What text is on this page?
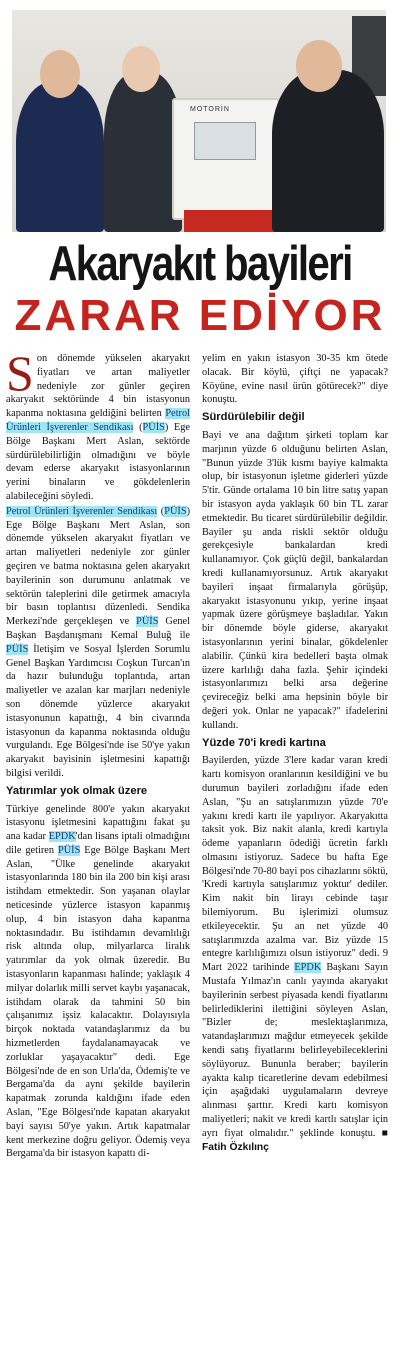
MOTORİN
Akaryakıt bayileri
ZARAR EDİYOR

Son dönemde yükselen akaryakıt fiyatları ve artan maliyetler nedeniyle zor günler geçiren akaryakıt sektöründe 4 bin istasyonun kapanma noktasına geldiğini belirten Petrol Ürünleri İşverenler Sendikası (PÜİS) Ege Bölge Başkanı Mert Aslan, sektörde sürdürülebilirliğin olmadığını ve böyle devam ederse akaryakıt istasyonlarının yerini binaların ve gökdelenlerin alabileceğini söyledi.

Petrol Ürünleri İşverenler Sendikası (PÜİS) Ege Bölge Başkanı Mert Aslan, son dönemde yükselen akaryakıt fiyatları ve artan maliyetleri nedeniyle zor günler geçiren ve batma noktasına gelen akaryakıt bayilerinin son durumunu anlatmak ve sektörün taleplerini dile getirmek amacıyla bir basın toplantısı düzenledi. Sendika Merkezi'nde gerçekleşen ve PÜİS Genel Başkan Başdanışmanı Kemal Buluğ ile PÜİS İletişim ve Sosyal İşlerden Sorumlu Genel Başkan Yardımcısı Coşkun Turcan'ın da hazır bulunduğu toplantıda, artan maliyetler ve azalan kar marjları nedeniyle son dönemde yüzlerce akaryakıt istasyonunun kapattığı, 4 bin civarında istasyonun da kapanma noktasında olduğu vurgulandı. Ege Bölgesi'nde ise 50'ye yakın akaryakıt bayisinin işletmesini kapattığı bilgisi verildi.

Yatırımlar yok olmak üzere

Türkiye genelinde 800'e yakın akaryakıt istasyonu işletmesini kapattığını fakat şu ana kadar EPDK'dan lisans iptali olmadığını dile getiren PÜİS Ege Bölge Başkanı Mert Aslan, "Ülke genelinde akaryakıt istasyonlarında 180 bin ila 200 bin kişi arası istihdam etmektedir. Son yaşanan olaylar neticesinde yüzlerce istasyon kapanmış olup, 4 bin istasyon daha kapanma noktasındadır. Bu istihdamın devamlılığı risk altında olup, milyarlarca liralık yatırımlar da yok olmak üzeredir. Bu istasyonların kapanması halinde; yaklaşık 4 milyar dolarlık milli servet kaybı yaşanacak, istihdam olarak da tahmini 50 bin çalışanımız işsiz kalacaktır. Dolayısıyla birçok noktada vatandaşlarımız da bu hizmetlerden faydalanamayacak ve zorluklar yaşayacaktır" dedi. Ege Bölgesi'nde de en son Urla'da, Ödemiş'te ve Bergama'da da aynı şekilde bayilerin kapatmak zorunda kaldığını ifade eden Aslan, "Ege Bölgesi'nde kapatan akaryakıt bayi sayısı 50'ye yakın. Artık kapatmalar kent merkezine doğru geliyor. Ödemiş veya Bergama'da bir istasyon kapattı di-

yelim en yakın istasyon 30-35 km ötede olacak. Bir köylü, çiftçi ne yapacak? Köyüne, evine nasıl ürün götürecek?" diye konuştu.

Sürdürülebilir değil

Bayi ve ana dağıtım şirketi toplam kar marjının yüzde 6 olduğunu belirten Aslan, "Bunun yüzde 3'lük kısmı bayiye kalmakta olup, bir istasyonun işletme giderleri yüzde 5'tir. Günde ortalama 10 bin litre satış yapan bir istasyon ayda yaklaşık 60 bin TL zarar etmektedir. Bu ticaret sürdürülebilir değildir. Bayiler şu anda riskli sektör olduğu gerekçesiyle bankalardan kredi kullanamıyor. Çok güçlü değil, bankalardan kredi kullanamıyorsunuz. Artık akaryakıt bayileri inşaat firmalarıyla görüşüp, akaryakıt istasyonunu yıkıp, yerine inşaat yapmak üzere görüşmeye başladılar. Yakın bir dönemde böyle giderse, akaryakıt istasyonlarının yerini binalar, gökdelenler alabilir. Çünkü kira bedelleri başta olmak üzere karlılığı daha fazla. Şehir içindeki istasyonlarımızı belki arsa değerine çevireceğiz belki ama hepsinin böyle bir değeri yok. Onlar ne yapacak?" ifadelerini kullandı.

Yüzde 70'i kredi kartına

Bayilerden, yüzde 3'lere kadar varan kredi kartı komisyon oranlarının kesildiğini ve bu durumun bayileri zorladığını ifade eden Aslan, "Şu an satışlarımızın yüzde 70'e yakını kredi kartı ile yapılıyor. Akaryakıtta taksit yok. Biz nakit alanla, kredi kartıyla ödeme yapanların ödediği ücretin farklı olmasını istiyoruz. Sadece bu hafta Ege Bölgesi'nde 70-80 bayi pos cihazlarını söktü, 'Kredi kartıyla satışlarımız yoktur' dediler. Kim nakit bin lirayı cebinde taşır bilemiyorum. Bu işlerimizi olumsuz etkileyecektir. Şu an net yüzde 40 satışlarımızda azalma var. Biz yüzde 15 entegre karlılığımızı olsun istiyoruz" dedi. 9 Mart 2022 tarihinde EPDK Başkanı Sayın Mustafa Yılmaz'ın canlı yayında akaryakıt bayilerinin serbest piyasada kendi fiyatlarını belirlediklerini ilettiğini söyleyen Aslan, "Bizler de; meslektaşlarımıza, vatandaşlarımızı mağdur etmeyecek şekilde kendi satış fiyatlarını belirleyebileceklerini söylüyoruz. Bununla beraber; bayilerin ayakta kalıp ticaretlerine devam edebilmesi için aşağıdaki uygulamaların devreye alınması şarttır. Kredi kartı komisyon maliyetleri; nakit ve kredi kartlı satışlar için ayrı fiyat olmalıdır." şeklinde konuştu. ■ Fatih Özkılınç
